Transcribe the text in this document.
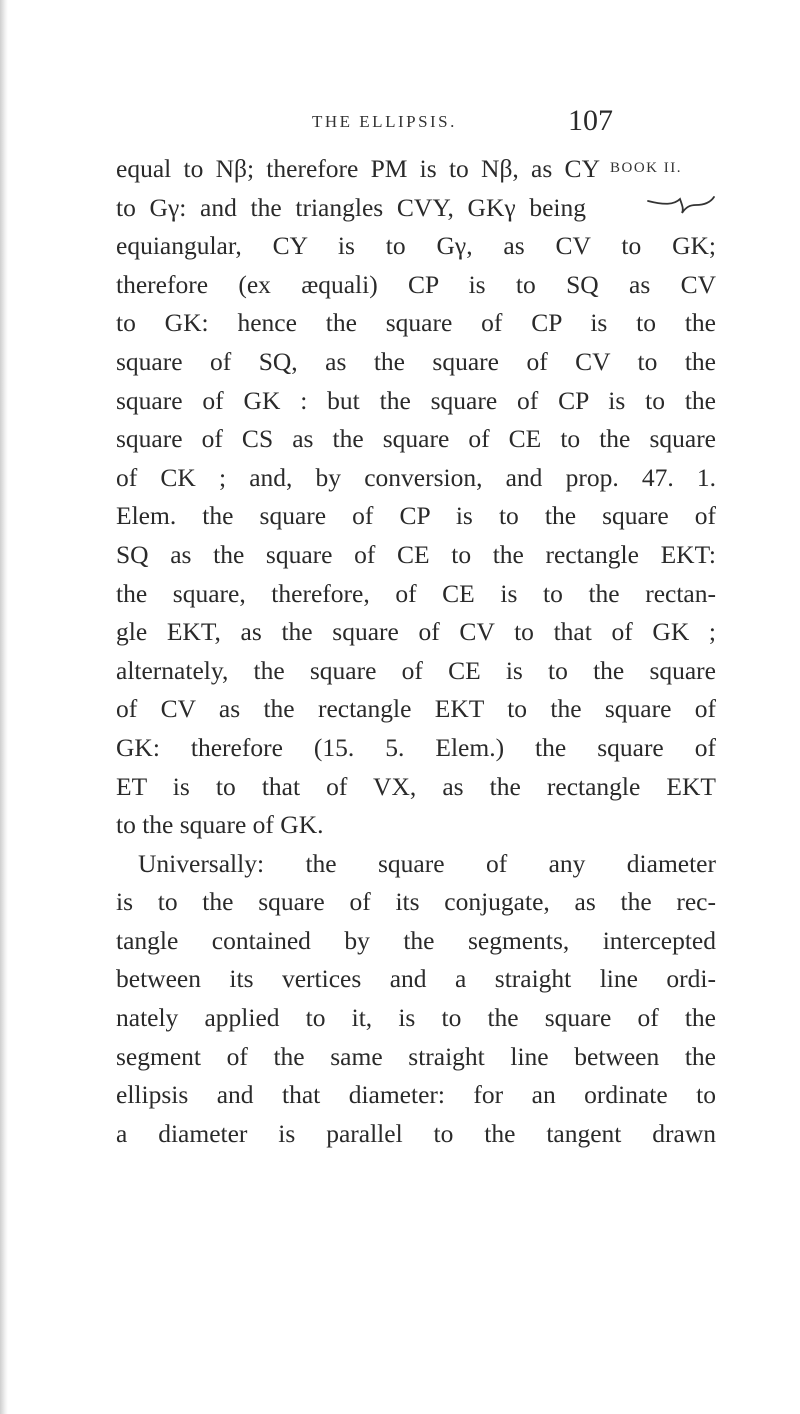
THE ELLIPSIS.	107
BOOK II.
equal to Nβ; therefore PM is to Nβ, as CY
to Gγ: and the triangles CVY, GKγ being
equiangular, CY is to Gγ, as CV to GK;
therefore (ex æquali) CP is to SQ as CV
to GK: hence the square of CP is to the
square of SQ, as the square of CV to the
square of GK : but the square of CP is to the
square of CS as the square of CE to the square
of CK ; and, by conversion, and prop. 47. 1.
Elem. the square of CP is to the square of
SQ as the square of CE to the rectangle EKT:
the square, therefore, of CE is to the rectan-
gle EKT, as the square of CV to that of GK ;
alternately, the square of CE is to the square
of CV as the rectangle EKT to the square of
GK: therefore (15. 5. Elem.) the square of
ET is to that of VX, as the rectangle EKT
to the square of GK.
Universally: the square of any diameter
is to the square of its conjugate, as the rec-
tangle contained by the segments, intercepted
between its vertices and a straight line ordi-
nately applied to it, is to the square of the
segment of the same straight line between the
ellipsis and that diameter: for an ordinate to
a diameter is parallel to the tangent drawn
